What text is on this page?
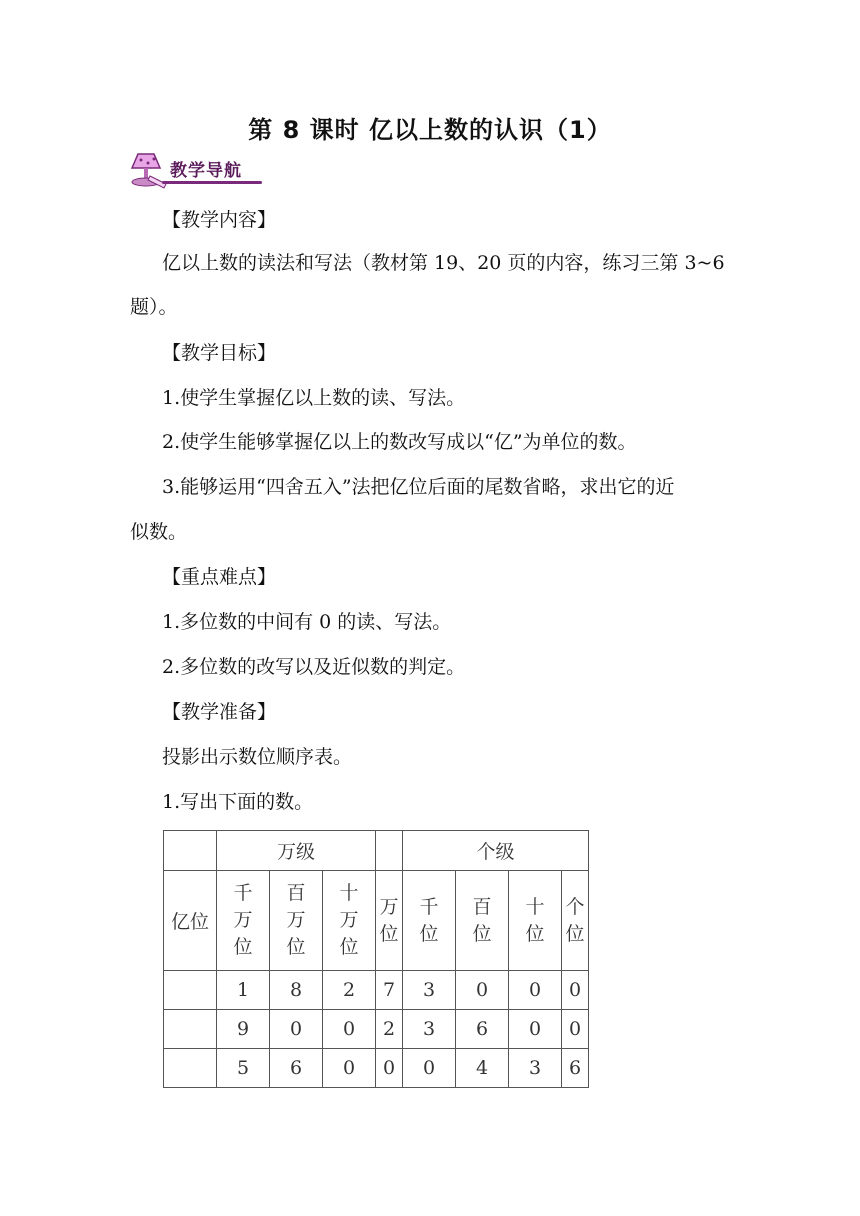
第 8 课时 亿以上数的认识（1）
教学导航
【教学内容】
亿以上数的读法和写法（教材第 19、20 页的内容，练习三第 3~6 题）。
【教学目标】
1.使学生掌握亿以上数的读、写法。
2.使学生能够掌握亿以上的数改写成以“亿”为单位的数。
3.能够运用“四舍五入”法把亿位后面的尾数省略，求出它的近
似数。
【重点难点】
1.多位数的中间有 0 的读、写法。
2.多位数的改写以及近似数的判定。
【教学准备】
投影出示数位顺序表。
1.写出下面的数。
	万级				个级			
亿位	千
万
位	百
万
位	十
万
位	万
位	千
位	百
位	十
位	个
位
	1	8	2	7	3	0	0	0
	9	0	0	2	3	6	0	0
	5	6	0	0	0	4	3	6
